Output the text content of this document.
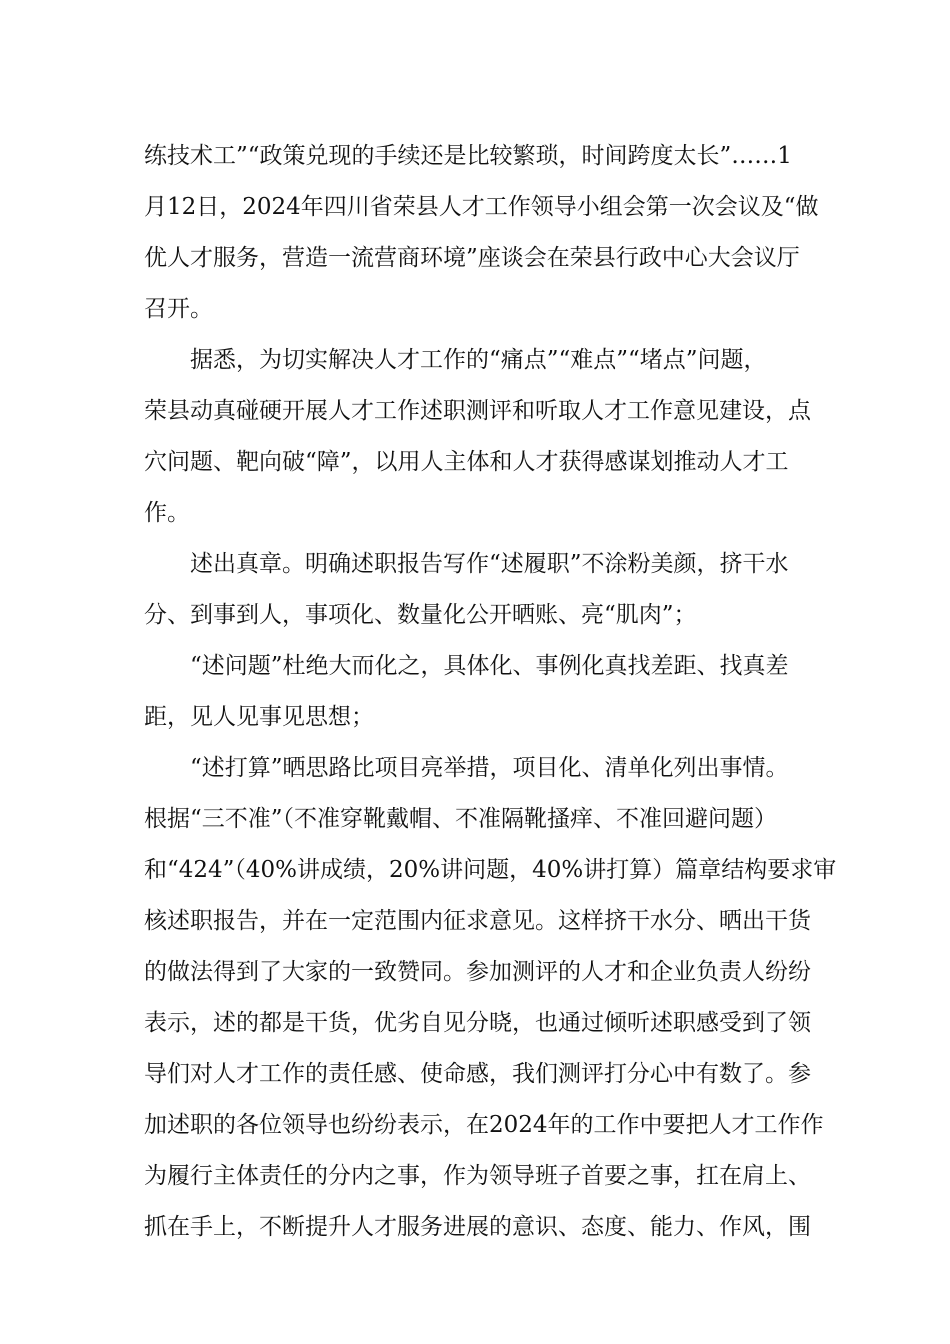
练技术工”“政策兑现的手续还是比较繁琐，时间跨度太长”……1
月12日，2024年四川省荣县人才工作领导小组会第一次会议及“做
优人才服务，营造一流营商环境”座谈会在荣县行政中心大会议厅
召开。
　　据悉，为切实解决人才工作的“痛点”“难点”“堵点”问题，
荣县动真碰硬开展人才工作述职测评和听取人才工作意见建设，点
穴问题、靶向破“障”，以用人主体和人才获得感谋划推动人才工
作。
　　述出真章。明确述职报告写作“述履职”不涂粉美颜，挤干水
分、到事到人，事项化、数量化公开晒账、亮“肌肉”；
　　“述问题”杜绝大而化之，具体化、事例化真找差距、找真差
距，见人见事见思想；
　　“述打算”晒思路比项目亮举措，项目化、清单化列出事情。
根据“三不准”（不准穿靴戴帽、不准隔靴搔痒、不准回避问题）
和“424”（40%讲成绩，20%讲问题，40%讲打算）篇章结构要求审
核述职报告，并在一定范围内征求意见。这样挤干水分、晒出干货
的做法得到了大家的一致赞同。参加测评的人才和企业负责人纷纷
表示，述的都是干货，优劣自见分晓，也通过倾听述职感受到了领
导们对人才工作的责任感、使命感，我们测评打分心中有数了。参
加述职的各位领导也纷纷表示，在2024年的工作中要把人才工作作
为履行主体责任的分内之事，作为领导班子首要之事，扛在肩上、
抓在手上，不断提升人才服务进展的意识、态度、能力、作风，围
